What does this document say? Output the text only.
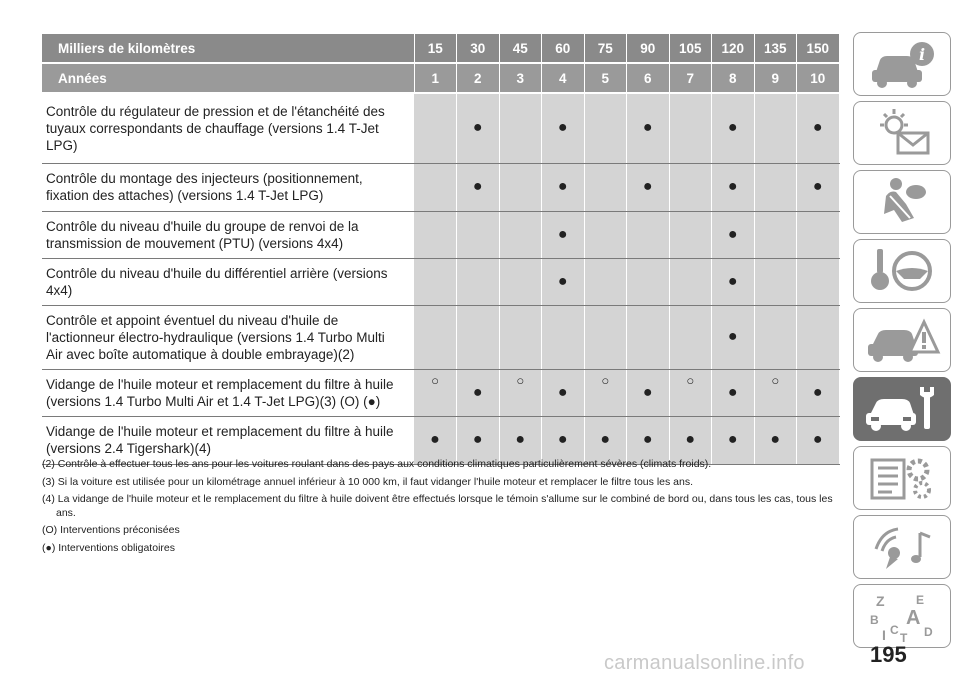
Milliers de kilomètres	15	30	45	60	75	90	105	120	135	150
Années	1	2	3	4	5	6	7	8	9	10
Contrôle du régulateur de pression et de l'étanchéité des tuyaux correspondants de chauffage (versions 1.4 T-Jet LPG)		●		●		●		●		●

Contrôle du montage des injecteurs (positionnement, fixation des attaches) (versions 1.4 T-Jet LPG)		●		●		●		●		●

Contrôle du niveau d'huile du groupe de renvoi de la transmission de mouvement (PTU) (versions 4x4)				●				●		

Contrôle du niveau d'huile du différentiel arrière (versions 4x4)				●				●		

Contrôle et appoint éventuel du niveau d'huile de l'actionneur électro-hydraulique (versions 1.4 Turbo Multi Air avec boîte automatique à double embrayage)(2)								●		

Vidange de l'huile moteur et remplacement du filtre à huile (versions 1.4 Turbo Multi Air et 1.4 T-Jet LPG)(3) (O) (●)	○	●	○	●	○	●	○	●	○	●

Vidange de l'huile moteur et remplacement du filtre à huile (versions 2.4 Tigershark)(4)	●	●	●	●	●	●	●	●	●	●

(2) Contrôle à effectuer tous les ans pour les voitures roulant dans des pays aux conditions climatiques particulièrement sévères (climats froids).

(3) Si la voiture est utilisée pour un kilométrage annuel inférieur à 10 000 km, il faut vidanger l'huile moteur et remplacer le filtre tous les ans.

(4) La vidange de l'huile moteur et le remplacement du filtre à huile doivent être effectués lorsque le témoin s'allume sur le combiné de bord ou, dans tous les cas, tous les ans.

(O) Interventions préconisées

(●) Interventions obligatoires

i
Z	E
B A
C
I T D
195
carmanualsonline.info
